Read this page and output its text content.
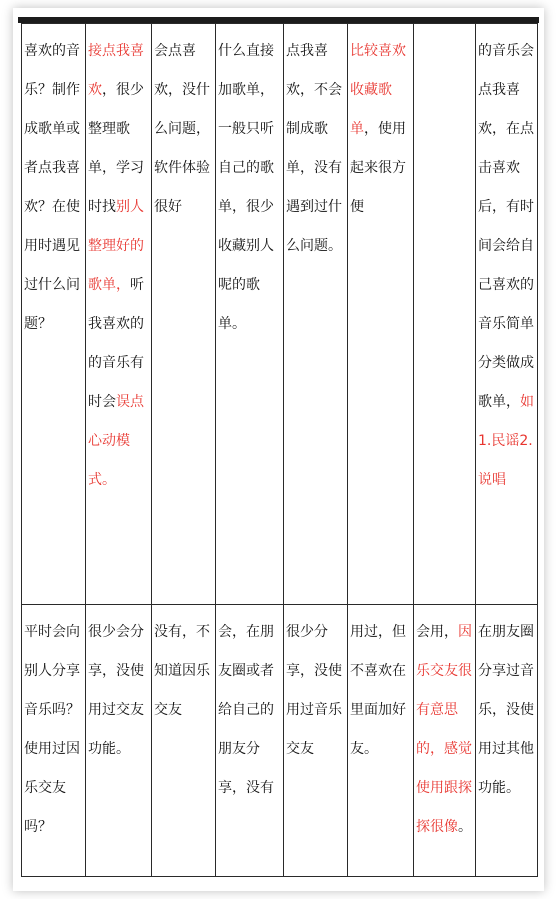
喜欢的音乐？制作成歌单或者点我喜欢？在使用时遇见过什么问题？	接点我喜欢，很少整理歌单，学习时找别人整理好的歌单，听我喜欢的的音乐有时会误点心动模式。	会点喜欢，没什么问题，软件体验很好	什么直接加歌单，一般只听自己的歌单，很少收藏别人呢的歌单。	点我喜欢，不会制成歌单，没有遇到过什么问题。	比较喜欢收藏歌单，使用起来很方便		的音乐会点我喜欢，在点击喜欢后，有时间会给自己喜欢的音乐简单分类做成歌单，如1.民谣2.说唱
平时会向别人分享音乐吗？使用过因乐交友吗？	很少会分享，没使用过交友功能。	没有，不知道因乐交友	会，在朋友圈或者给自己的朋友分享，没有	很少分享，没使用过音乐交友	用过，但不喜欢在里面加好友。	会用，因乐交友很有意思的，感觉使用跟探探很像。	在朋友圈分享过音乐，没使用过其他功能。
